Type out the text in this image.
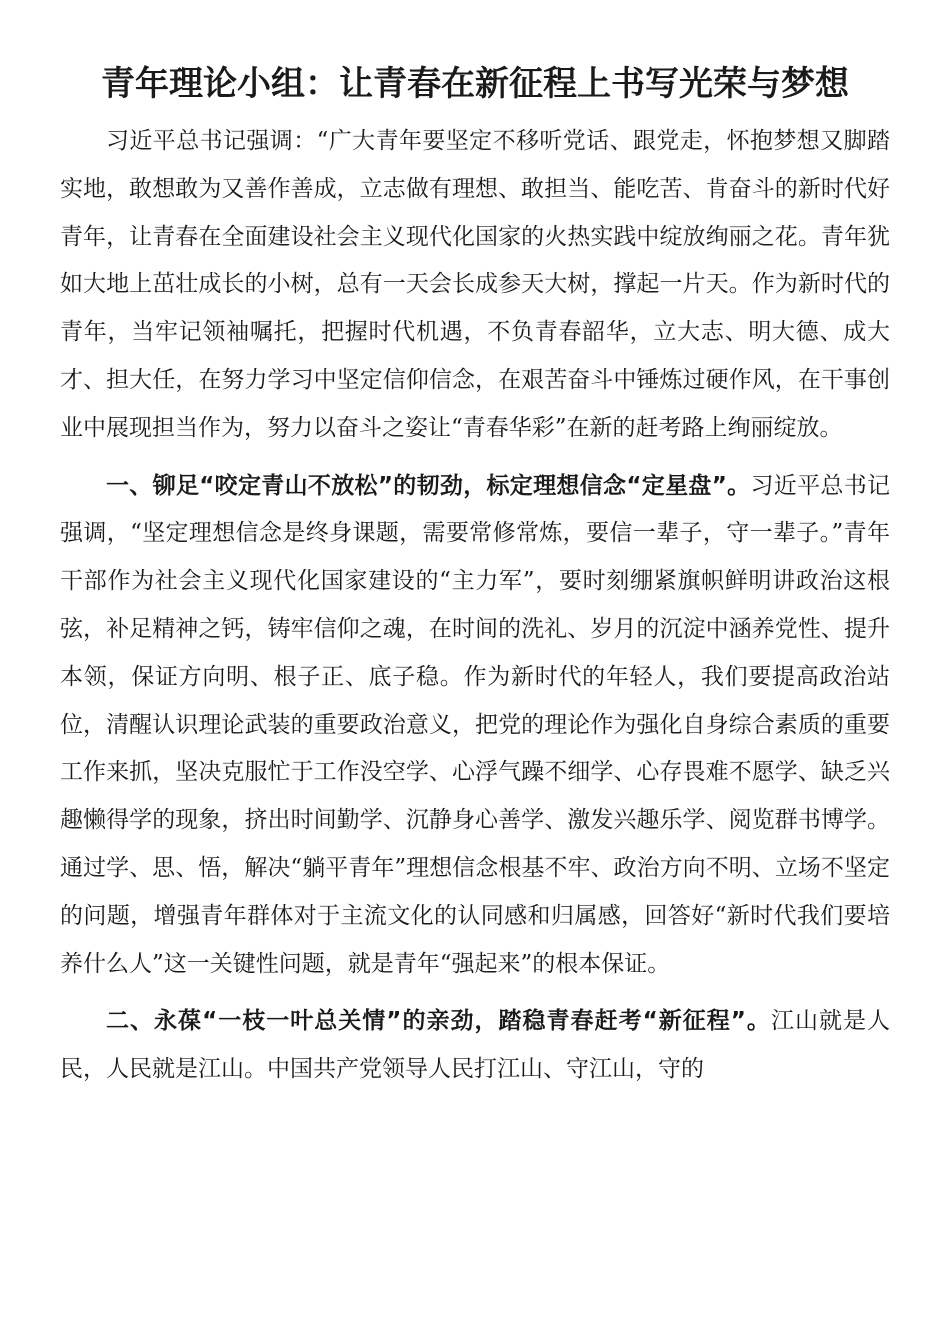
青年理论小组：让青春在新征程上书写光荣与梦想

习近平总书记强调：“广大青年要坚定不移听党话、跟党走，怀抱梦想又脚踏实地，敢想敢为又善作善成，立志做有理想、敢担当、能吃苦、肯奋斗的新时代好青年，让青春在全面建设社会主义现代化国家的火热实践中绽放绚丽之花。青年犹如大地上茁壮成长的小树，总有一天会长成参天大树，撑起一片天。作为新时代的青年，当牢记领袖嘱托，把握时代机遇，不负青春韶华，立大志、明大德、成大才、担大任，在努力学习中坚定信仰信念，在艰苦奋斗中锤炼过硬作风，在干事创业中展现担当作为，努力以奋斗之姿让“青春华彩”在新的赶考路上绚丽绽放。

一、铆足“咬定青山不放松”的韧劲，标定理想信念“定星盘”。习近平总书记强调，“坚定理想信念是终身课题，需要常修常炼，要信一辈子，守一辈子。”青年干部作为社会主义现代化国家建设的“主力军”，要时刻绷紧旗帜鲜明讲政治这根弦，补足精神之钙，铸牢信仰之魂，在时间的洗礼、岁月的沉淀中涵养党性、提升本领，保证方向明、根子正、底子稳。作为新时代的年轻人，我们要提高政治站位，清醒认识理论武装的重要政治意义，把党的理论作为强化自身综合素质的重要工作来抓，坚决克服忙于工作没空学、心浮气躁不细学、心存畏难不愿学、缺乏兴趣懒得学的现象，挤出时间勤学、沉静身心善学、激发兴趣乐学、阅览群书博学。通过学、思、悟，解决“躺平青年”理想信念根基不牢、政治方向不明、立场不坚定的问题，增强青年群体对于主流文化的认同感和归属感，回答好“新时代我们要培养什么人”这一关键性问题，就是青年“强起来”的根本保证。

二、永葆“一枝一叶总关情”的亲劲，踏稳青春赶考“新征程”。江山就是人民，人民就是江山。中国共产党领导人民打江山、守江山，守的
